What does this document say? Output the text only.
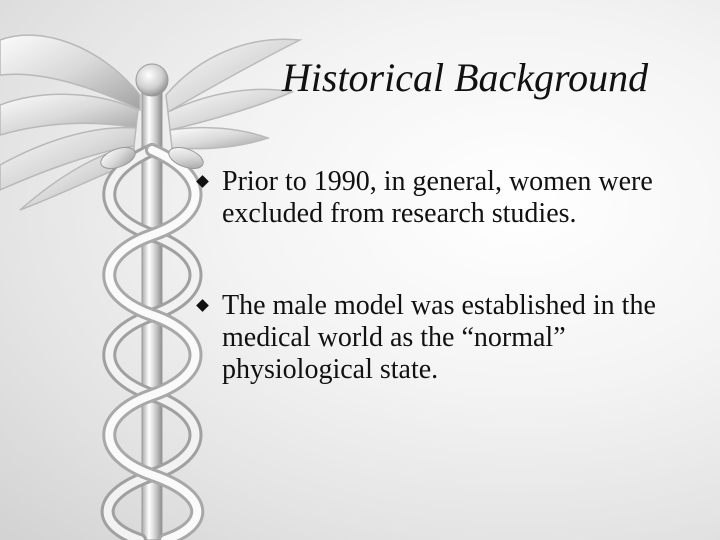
Historical Background
Prior to 1990, in general, women were excluded from research studies.
The male model was established in the medical world as the “normal” physiological state.
